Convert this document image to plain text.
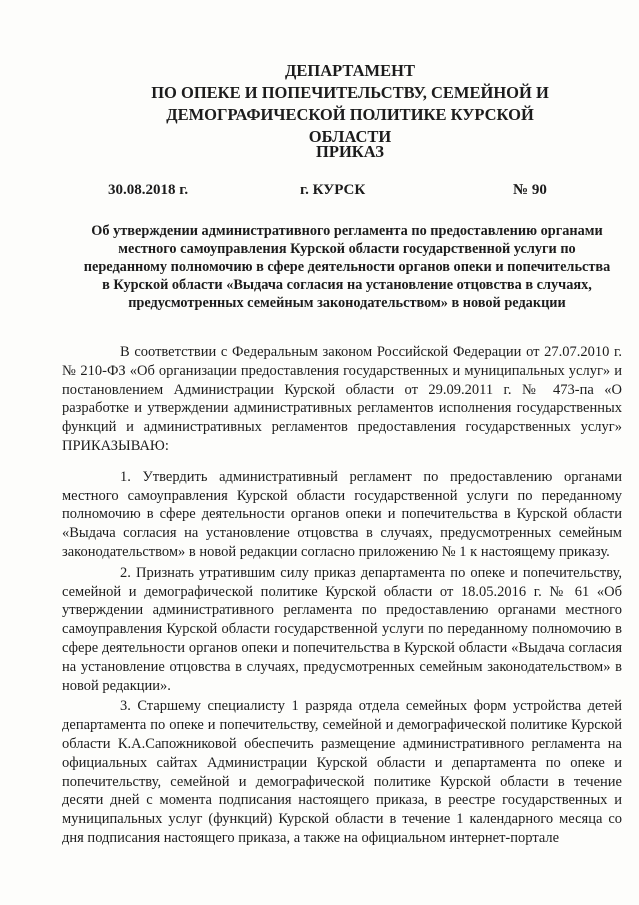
ДЕПАРТАМЕНТ
ПО ОПЕКЕ И ПОПЕЧИТЕЛЬСТВУ, СЕМЕЙНОЙ И
ДЕМОГРАФИЧЕСКОЙ ПОЛИТИКЕ КУРСКОЙ ОБЛАСТИ
ПРИКАЗ
30.08.2018 г.	г. КУРСК	№ 90
Об утверждении административного регламента по предоставлению органами местного самоуправления Курской области государственной услуги по переданному полномочию в сфере деятельности органов опеки и попечительства в Курской области «Выдача согласия на установление отцовства в случаях, предусмотренных семейным законодательством» в новой редакции

В соответствии с Федеральным законом Российской Федерации от 27.07.2010 г. № 210-ФЗ «Об организации предоставления государственных и муниципальных услуг» и постановлением Администрации Курской области от 29.09.2011 г. № 473-па «О разработке и утверждении административных регламентов исполнения государственных функций и административных регламентов предоставления государственных услуг» ПРИКАЗЫВАЮ:

1. Утвердить административный регламент по предоставлению органами местного самоуправления Курской области государственной услуги по переданному полномочию в сфере деятельности органов опеки и попечительства в Курской области «Выдача согласия на установление отцовства в случаях, предусмотренных семейным законодательством» в новой редакции согласно приложению № 1 к настоящему приказу.

2. Признать утратившим силу приказ департамента по опеке и попечительству, семейной и демографической политике Курской области от 18.05.2016 г. № 61 «Об утверждении административного регламента по предоставлению органами местного самоуправления Курской области государственной услуги по переданному полномочию в сфере деятельности органов опеки и попечительства в Курской области «Выдача согласия на установление отцовства в случаях, предусмотренных семейным законодательством» в новой редакции».

3. Старшему специалисту 1 разряда отдела семейных форм устройства детей департамента по опеке и попечительству, семейной и демографической политике Курской области К.А.Сапожниковой обеспечить размещение административного регламента на официальных сайтах Администрации Курской области и департамента по опеке и попечительству, семейной и демографической политике Курской области в течение десяти дней с момента подписания настоящего приказа, в реестре государственных и муниципальных услуг (функций) Курской области в течение 1 календарного месяца со дня подписания настоящего приказа, а также на официальном интернет-портале
